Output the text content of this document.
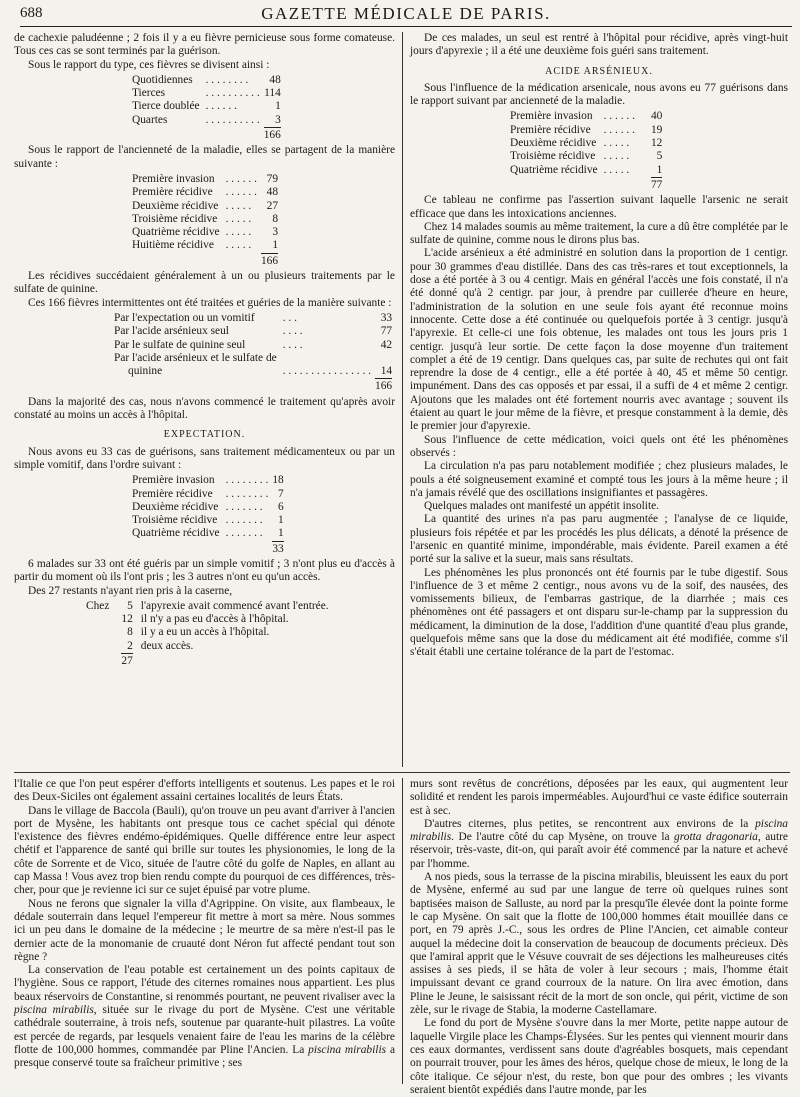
688	GAZETTE MÉDICALE DE PARIS.

de cachexie paludéenne ; 2 fois il y a eu fièvre pernicieuse sous forme comateuse. Tous ces cas se sont terminés par la guérison.

Sous le rapport du type, ces fièvres se divisent ainsi :

Quotidiennes	. . . . . . . .	48
Tierces	. . . . . . . . . .	114
Tierce doublée	. . . . . .	1
Quartes	. . . . . . . . . .	3
		166

Sous le rapport de l'ancienneté de la maladie, elles se partagent de la manière suivante :

Première invasion	. . . . . .	79
Première récidive	. . . . . .	48
Deuxième récidive	. . . . .	27
Troisième récidive	. . . . .	8
Quatrième récidive	. . . . .	3
Huitième récidive	. . . . .	1
		166

Les récidives succédaient généralement à un ou plusieurs traitements par le sulfate de quinine.

Ces 166 fièvres intermittentes ont été traitées et guéries de la manière suivante :

Par l'expectation ou un vomitif	. . .	33
Par l'acide arsénieux seul	. . . .	77
Par le sulfate de quinine seul	. . . .	42
Par l'acide arsénieux et le sulfate de		
quinine	. . . . . . . . . . . . . . . .	14
		166

Dans la majorité des cas, nous n'avons commencé le traitement qu'après avoir constaté au moins un accès à l'hôpital.

EXPECTATION.

Nous avons eu 33 cas de guérisons, sans traitement médicamenteux ou par un simple vomitif, dans l'ordre suivant :

Première invasion	. . . . . . . .	18
Première récidive	. . . . . . . .	7
Deuxième récidive	. . . . . . .	6
Troisième récidive	. . . . . . .	1
Quatrième récidive	. . . . . . .	1
		33

6 malades sur 33 ont été guéris par un simple vomitif ; 3 n'ont plus eu d'accès à partir du moment où ils l'ont pris ; les 3 autres n'ont eu qu'un accès.

Des 27 restants n'ayant rien pris à la caserne,

Chez	5	l'apyrexie avait commencé avant l'entrée.
	12	il n'y a pas eu d'accès à l'hôpital.
	8	il y a eu un accès à l'hôpital.
	2	deux accès.
	27	

De ces malades, un seul est rentré à l'hôpital pour récidive, après vingt-huit jours d'apyrexie ; il a été une deuxième fois guéri sans traitement.

ACIDE ARSÉNIEUX.

Sous l'influence de la médication arsenicale, nous avons eu 77 guérisons dans le rapport suivant par ancienneté de la maladie.

Première invasion	. . . . . .	40
Première récidive	. . . . . .	19
Deuxième récidive	. . . . .	12
Troisième récidive	. . . . .	5
Quatrième récidive	. . . . .	1
		77

Ce tableau ne confirme pas l'assertion suivant laquelle l'arsenic ne serait efficace que dans les intoxications anciennes.

Chez 14 malades soumis au même traitement, la cure a dû être complétée par le sulfate de quinine, comme nous le dirons plus bas.

L'acide arsénieux a été administré en solution dans la proportion de 1 centigr. pour 30 grammes d'eau distillée. Dans des cas très-rares et tout exceptionnels, la dose a été portée à 3 ou 4 centigr. Mais en général l'accès une fois constaté, il n'a été donné qu'à 2 centigr. par jour, à prendre par cuillerée d'heure en heure, l'administration de la solution en une seule fois ayant été reconnue moins innocente. Cette dose a été continuée ou quelquefois portée à 3 centigr. jusqu'à l'apyrexie. Et celle-ci une fois obtenue, les malades ont tous les jours pris 1 centigr. jusqu'à leur sortie. De cette façon la dose moyenne d'un traitement complet a été de 19 centigr. Dans quelques cas, par suite de rechutes qui ont fait reprendre la dose de 4 centigr., elle a été portée à 40, 45 et même 50 centigr. impunément. Dans des cas opposés et par essai, il a suffi de 4 et même 2 centigr. Ajoutons que les malades ont été fortement nourris avec avantage ; souvent ils étaient au quart le jour même de la fièvre, et presque constamment à la demie, dès le premier jour d'apyrexie.

Sous l'influence de cette médication, voici quels ont été les phénomènes observés :

La circulation n'a pas paru notablement modifiée ; chez plusieurs malades, le pouls a été soigneusement examiné et compté tous les jours à la même heure ; il n'a jamais révélé que des oscillations insignifiantes et passagères.

Quelques malades ont manifesté un appétit insolite.

La quantité des urines n'a pas paru augmentée ; l'analyse de ce liquide, plusieurs fois répétée et par les procédés les plus délicats, a dénoté la présence de l'arsenic en quantité minime, impondérable, mais évidente. Pareil examen a été porté sur la salive et la sueur, mais sans résultats.

Les phénomènes les plus prononcés ont été fournis par le tube digestif. Sous l'influence de 3 et même 2 centigr., nous avons vu de la soif, des nausées, des vomissements bilieux, de l'embarras gastrique, de la diarrhée ; mais ces phénomènes ont été passagers et ont disparu sur-le-champ par la suppression du médicament, la diminution de la dose, l'addition d'une quantité d'eau plus grande, quelquefois même sans que la dose du médicament ait été modifiée, comme s'il s'était établi une certaine tolérance de la part de l'estomac.

l'Italie ce que l'on peut espérer d'efforts intelligents et soutenus. Les papes et le roi des Deux-Siciles ont également assaini certaines localités de leurs États.

Dans le village de Baccola (Bauli), qu'on trouve un peu avant d'arriver à l'ancien port de Mysène, les habitants ont presque tous ce cachet spécial qui dénote l'existence des fièvres endémo-épidémiques. Quelle différence entre leur aspect chétif et l'apparence de santé qui brille sur toutes les physionomies, le long de la côte de Sorrente et de Vico, située de l'autre côté du golfe de Naples, en allant au cap Massa ! Vous avez trop bien rendu compte du pourquoi de ces différences, très-cher, pour que je revienne ici sur ce sujet épuisé par votre plume.

Nous ne ferons que signaler la villa d'Agrippine. On visite, aux flambeaux, le dédale souterrain dans lequel l'empereur fit mettre à mort sa mère. Nous sommes ici un peu dans le domaine de la médecine ; le meurtre de sa mère n'est-il pas le dernier acte de la monomanie de cruauté dont Néron fut affecté pendant tout son règne ?

La conservation de l'eau potable est certainement un des points capitaux de l'hygiène. Sous ce rapport, l'étude des citernes romaines nous appartient. Les plus beaux réservoirs de Constantine, si renommés pourtant, ne peuvent rivaliser avec la piscina mirabilis, située sur le rivage du port de Mysène. C'est une véritable cathédrale souterraine, à trois nefs, soutenue par quarante-huit pilastres. La voûte est percée de regards, par lesquels venaient faire de l'eau les marins de la célèbre flotte de 100,000 hommes, commandée par Pline l'Ancien. La piscina mirabilis a presque conservé toute sa fraîcheur primitive ; ses

murs sont revêtus de concrétions, déposées par les eaux, qui augmentent leur solidité et rendent les parois imperméables. Aujourd'hui ce vaste édifice souterrain est à sec.

D'autres citernes, plus petites, se rencontrent aux environs de la piscina mirabilis. De l'autre côté du cap Mysène, on trouve la grotta dragonaria, autre réservoir, très-vaste, dit-on, qui paraît avoir été commencé par la nature et achevé par l'homme.

A nos pieds, sous la terrasse de la piscina mirabilis, bleuissent les eaux du port de Mysène, enfermé au sud par une langue de terre où quelques ruines sont baptisées maison de Salluste, au nord par la presqu'île élevée dont la pointe forme le cap Mysène. On sait que la flotte de 100,000 hommes était mouillée dans ce port, en 79 après J.-C., sous les ordres de Pline l'Ancien, cet aimable conteur auquel la médecine doit la conservation de beaucoup de documents précieux. Dès que l'amiral apprit que le Vésuve couvrait de ses déjections les malheureuses cités assises à ses pieds, il se hâta de voler à leur secours ; mais, l'homme était impuissant devant ce grand courroux de la nature. On lira avec émotion, dans Pline le Jeune, le saisissant récit de la mort de son oncle, qui périt, victime de son zèle, sur le rivage de Stabia, la moderne Castellamare.

Le fond du port de Mysène s'ouvre dans la mer Morte, petite nappe autour de laquelle Virgile place les Champs-Élysées. Sur les pentes qui viennent mourir dans ces eaux dormantes, verdissent sans doute d'agréables bosquets, mais cependant on pourrait trouver, pour les âmes des héros, quelque chose de mieux, le long de la côte italique. Ce séjour n'est, du reste, bon que pour des ombres ; les vivants seraient bientôt expédiés dans l'autre monde, par les
